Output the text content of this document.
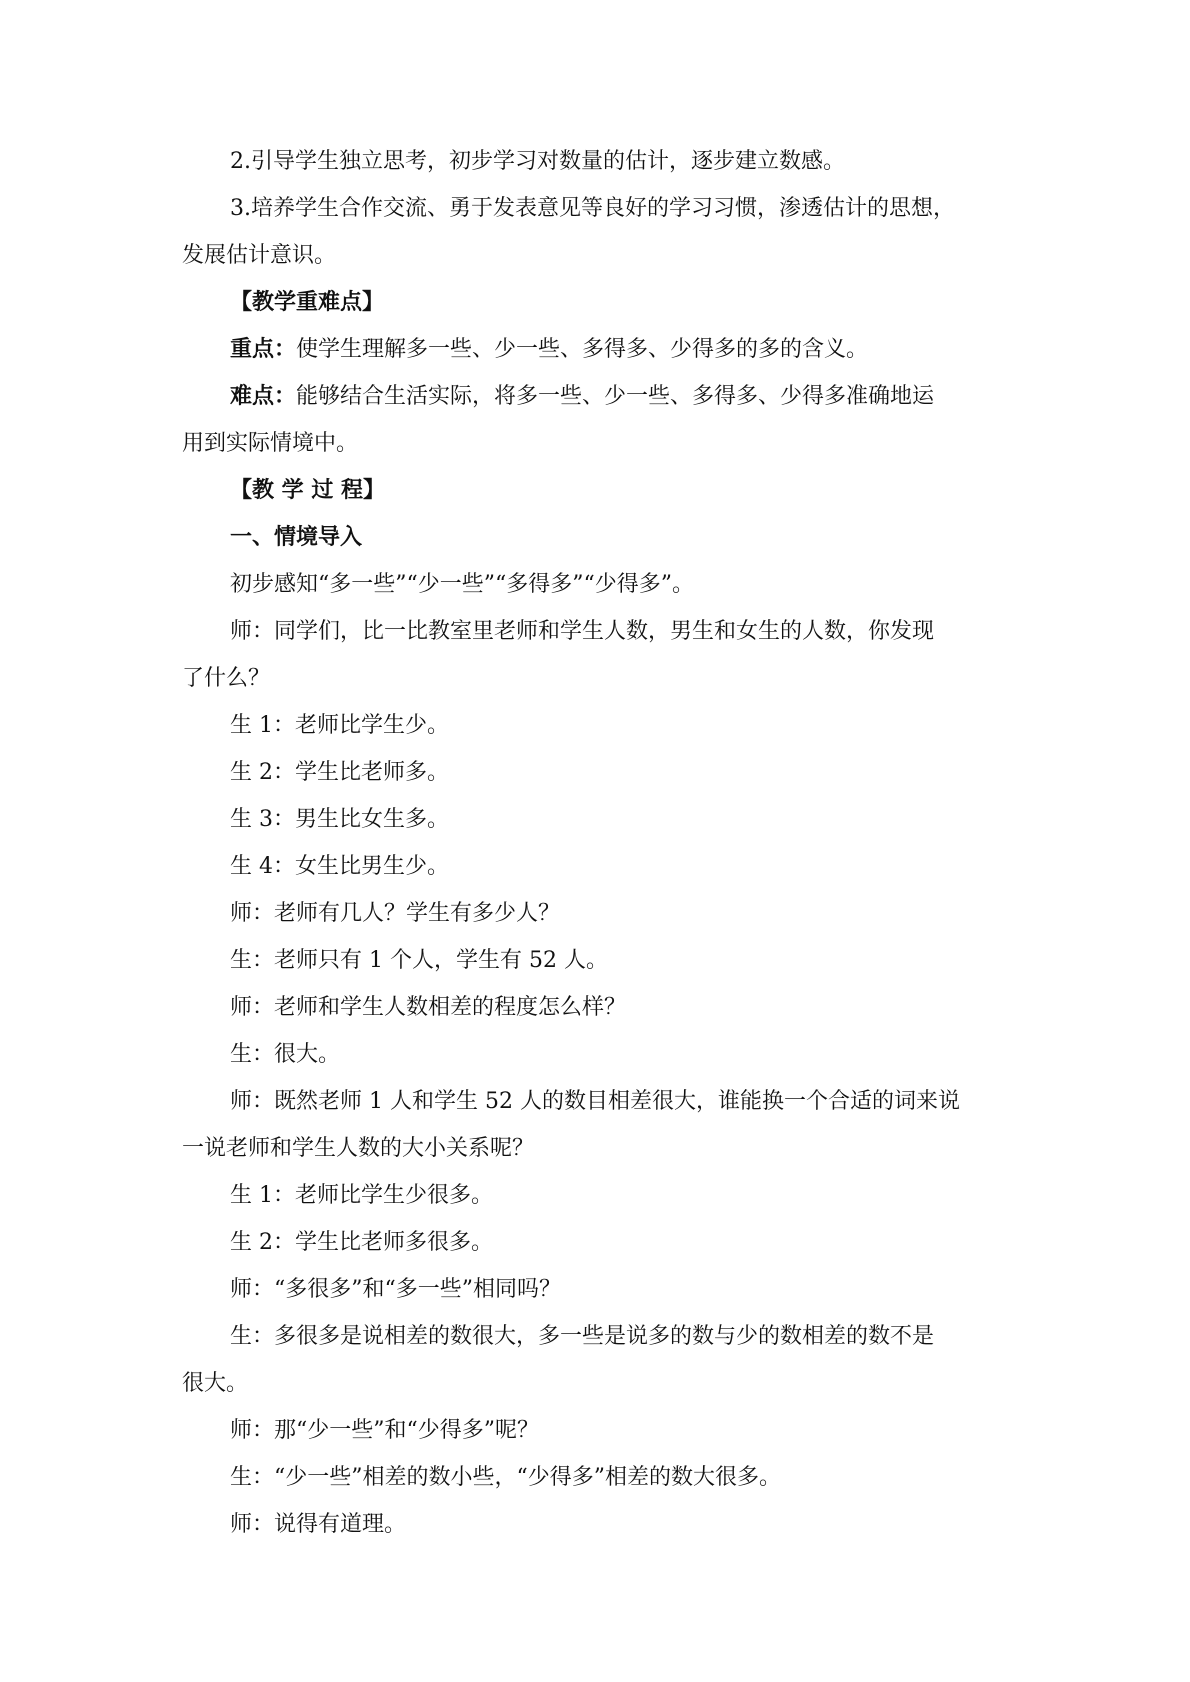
2.引导学生独立思考，初步学习对数量的估计，逐步建立数感。

3.培养学生合作交流、勇于发表意见等良好的学习习惯，渗透估计的思想，

发展估计意识。

【教学重难点】

重点：使学生理解多一些、少一些、多得多、少得多的多的含义。

难点：能够结合生活实际，将多一些、少一些、多得多、少得多准确地运

用到实际情境中。

【教 学 过 程】

一、情境导入

初步感知“多一些”“少一些”“多得多”“少得多”。

师：同学们，比一比教室里老师和学生人数，男生和女生的人数，你发现

了什么？

生 1：老师比学生少。

生 2：学生比老师多。

生 3：男生比女生多。

生 4：女生比男生少。

师：老师有几人？学生有多少人？

生：老师只有 1 个人，学生有 52 人。

师：老师和学生人数相差的程度怎么样？

生：很大。

师：既然老师 1 人和学生 52 人的数目相差很大，谁能换一个合适的词来说

一说老师和学生人数的大小关系呢？

生 1：老师比学生少很多。

生 2：学生比老师多很多。

师：“多很多”和“多一些”相同吗？

生：多很多是说相差的数很大，多一些是说多的数与少的数相差的数不是

很大。

师：那“少一些”和“少得多”呢？

生：“少一些”相差的数小些，“少得多”相差的数大很多。

师：说得有道理。
